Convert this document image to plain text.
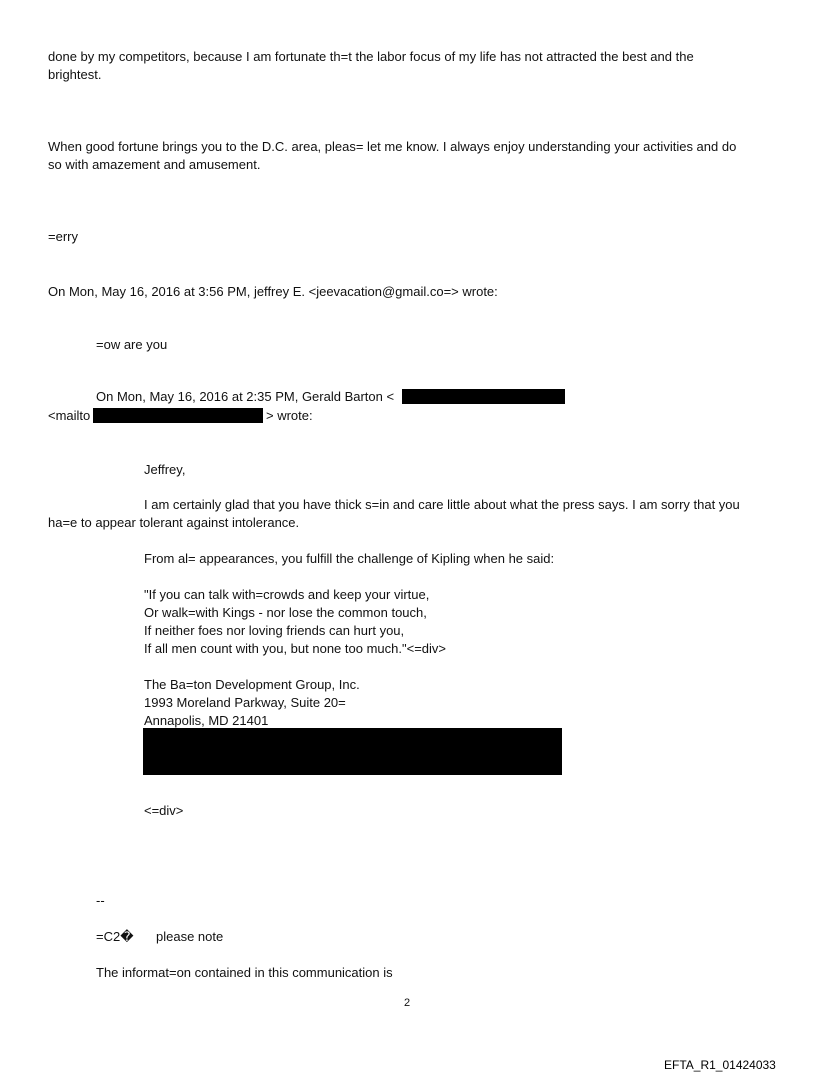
done by my competitors, because I am fortunate th=t the labor focus of my life has not attracted the best and the

brightest.

When good fortune brings you to the D.C. area, pleas= let me know. I always enjoy understanding your activities and do

so with amazement and amusement.

=erry

On Mon, May 16, 2016 at 3:56 PM, jeffrey E. <jeevacation@gmail.co=> wrote:

=ow are you

On Mon, May 16, 2016 at 2:35 PM, Gerald Barton <

<mailto	> wrote:

Jeffrey,

I am certainly glad that you have thick s=in and care little about what the press says. I am sorry that you

ha=e to appear tolerant against intolerance.

From al= appearances, you fulfill the challenge of Kipling when he said:

"If you can talk with=crowds and keep your virtue,

Or walk=with Kings - nor lose the common touch,

If neither foes nor loving friends can hurt you,

If all men count with you, but none too much."<=div>

The Ba=ton Development Group, Inc.

1993 Moreland Parkway, Suite 20=

Annapolis, MD 21401

<=div>

--

=C2� please note

The informat=on contained in this communication is

2

EFTA_R1_01424033
